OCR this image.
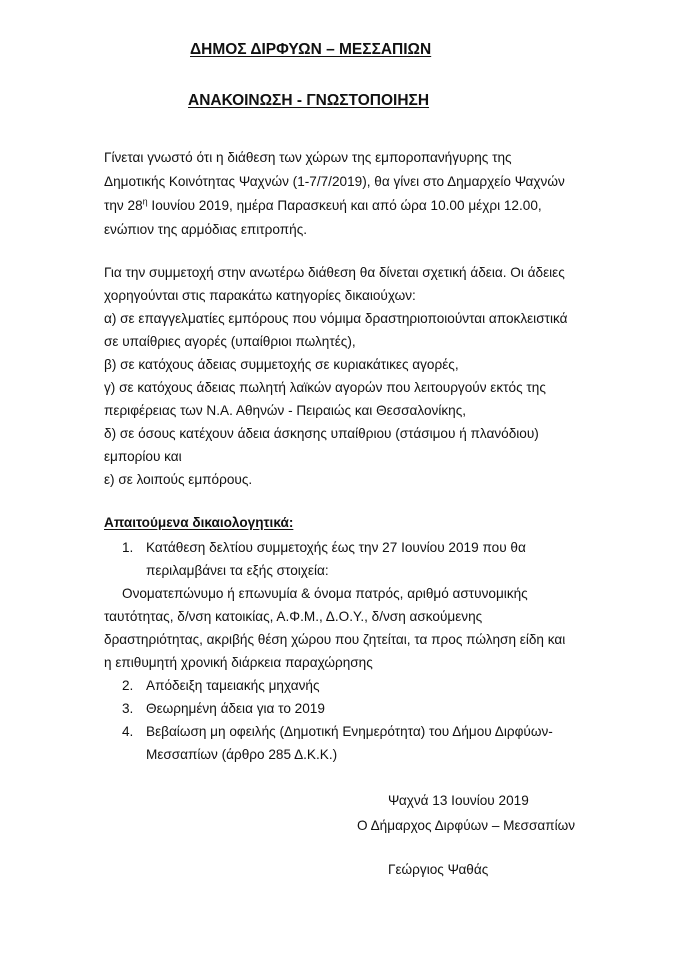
ΔΗΜΟΣ ΔΙΡΦΥΩΝ – ΜΕΣΣΑΠΙΩΝ
ΑΝΑΚΟΙΝΩΣΗ - ΓΝΩΣΤΟΠΟΙΗΣΗ
Γίνεται γνωστό ότι η διάθεση των χώρων της εμποροπανήγυρης της
Δημοτικής Κοινότητας Ψαχνών (1-7/7/2019), θα γίνει στο Δημαρχείο Ψαχνών
την $28^\eta$ Ιουνίου 2019, ημέρα Παρασκευή και από ώρα 10.00 μέχρι 12.00,
ενώπιον της αρμόδιας επιτροπής.
Για την συμμετοχή στην ανωτέρω διάθεση θα δίνεται σχετική άδεια. Οι άδειες
χορηγούνται στις παρακάτω κατηγορίες δικαιούχων:
α) σε επαγγελματίες εμπόρους που νόμιμα δραστηριοποιούνται αποκλειστικά
σε υπαίθριες αγορές (υπαίθριοι πωλητές),
β) σε κατόχους άδειας συμμετοχής σε κυριακάτικες αγορές,
γ) σε κατόχους άδειας πωλητή λαϊκών αγορών που λειτουργούν εκτός της
περιφέρειας των Ν.Α. Αθηνών - Πειραιώς και Θεσσαλονίκης,
δ) σε όσους κατέχουν άδεια άσκησης υπαίθριου (στάσιμου ή πλανόδιου)
εμπορίου και
ε) σε λοιπούς εμπόρους.
Απαιτούμενα δικαιολογητικά:
1. Κατάθεση δελτίου συμμετοχής έως την 27 Ιουνίου 2019 που θα
περιλαμβάνει τα εξής στοιχεία:
Ονοματεπώνυμο ή επωνυμία & όνομα πατρός, αριθμό αστυνομικής
ταυτότητας, δ/νση κατοικίας, Α.Φ.Μ., Δ.Ο.Υ., δ/νση ασκούμενης
δραστηριότητας, ακριβής θέση χώρου που ζητείται, τα προς πώληση είδη και
η επιθυμητή χρονική διάρκεια παραχώρησης
2. Απόδειξη ταμειακής μηχανής
3. Θεωρημένη άδεια για το 2019
4. Βεβαίωση μη οφειλής (Δημοτική Ενημερότητα) του Δήμου Διρφύων-
Μεσσαπίων (άρθρο 285 Δ.Κ.Κ.)
Ψαχνά 13 Ιουνίου 2019
Ο Δήμαρχος Διρφύων – Μεσσαπίων
Γεώργιος Ψαθάς
